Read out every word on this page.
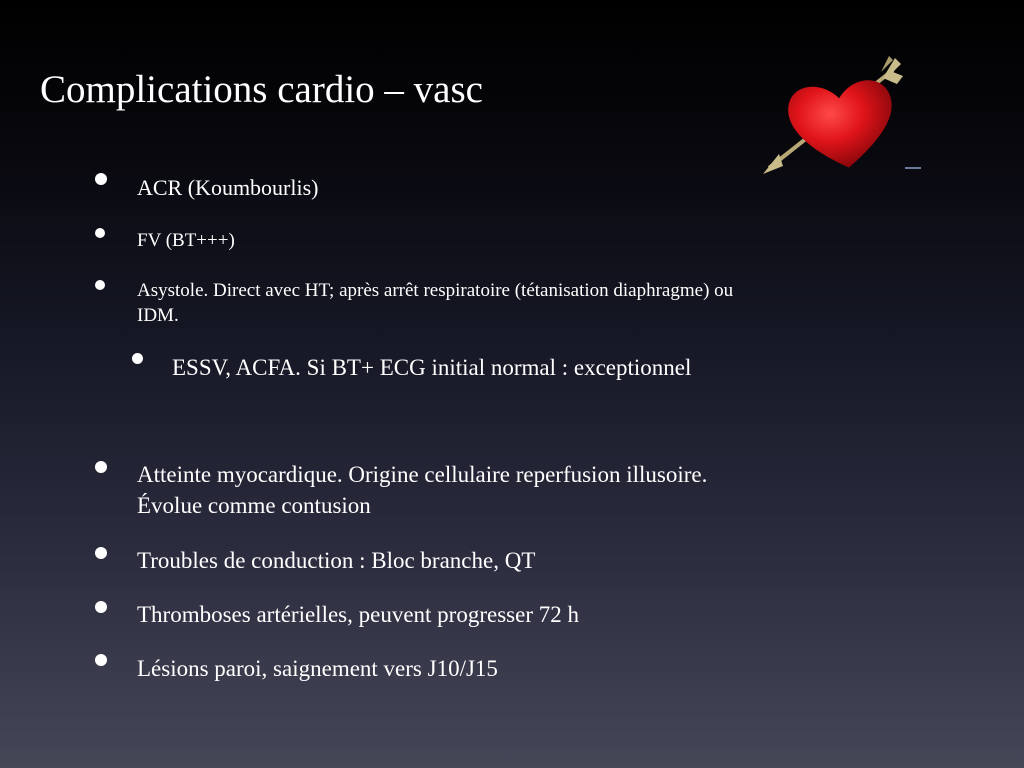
Complications cardio – vasc
ACR (Koumbourlis)
FV (BT+++)
Asystole. Direct avec HT; après arrêt respiratoire (tétanisation diaphragme) ou
IDM.
ESSV, ACFA. Si BT+ ECG initial normal : exceptionnel
Atteinte myocardique. Origine cellulaire reperfusion illusoire.
Évolue comme contusion
Troubles de conduction : Bloc branche, QT
Thromboses artérielles, peuvent progresser 72 h
Lésions paroi, saignement vers J10/J15
